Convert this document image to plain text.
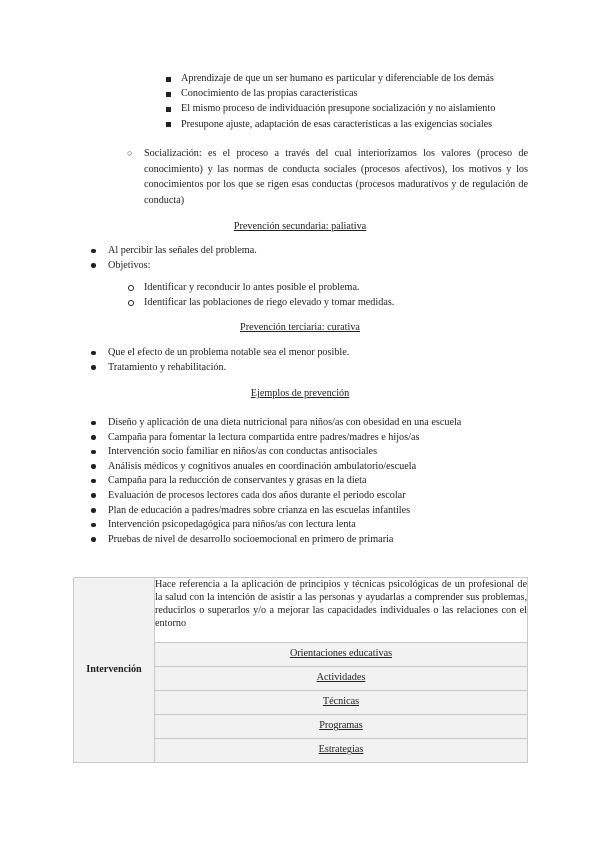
Aprendizaje de que un ser humano es particular y diferenciable de los demás
Conocimiento de las propias características
El mismo proceso de individuación presupone socialización y no aislamiento
Presupone ajuste, adaptación de esas características a las exigencias sociales
○ Socialización: es el proceso a través del cual interiorizamos los valores (proceso de conocimiento) y las normas de conducta sociales (procesos afectivos), los motivos y los conocimientos por los que se rigen esas conductas (procesos maduratívos y de regulación de conducta)

Prevención secundaria: paliativa
Al percibir las señales del problema.
Objetivos:
Identificar y reconducir lo antes posible el problema.
Identificar las poblaciones de riego elevado y tomar medidas.
Prevención terciaria: curativa
Que el efecto de un problema notable sea el menor posible.
Tratamiento y rehabilitación.
Ejemplos de prevención
Diseño y aplicación de una dieta nutricional para niños/as con obesidad en una escuela
Campaña para fomentar la lectura compartida entre padres/madres e hijos/as
Intervención socio familiar en niños/as con conductas antisociales
Análisis médicos y cognitivos anuales en coordinación ambulatorio/escuela
Campaña para la reducción de conservantes y grasas en la dieta
Evaluación de procesos lectores cada dos años durante el periodo escolar
Plan de educación a padres/madres sobre crianza en las escuelas infantiles
Intervención psicopedagógica para niños/as con lectura lenta
Pruebas de nivel de desarrollo socioemocional en primero de primaria
Intervención	Hace referencia a la aplicación de principios y técnicas psicológicas de un profesional de la salud con la intención de asistir a las personas y ayudarlas a comprender sus problemas, reducirlos o superarlos y/o a mejorar las capacidades individuales o las relaciones con el entorno
Orientaciones educativas
Actividades
Técnicas
Programas
Estrategias
